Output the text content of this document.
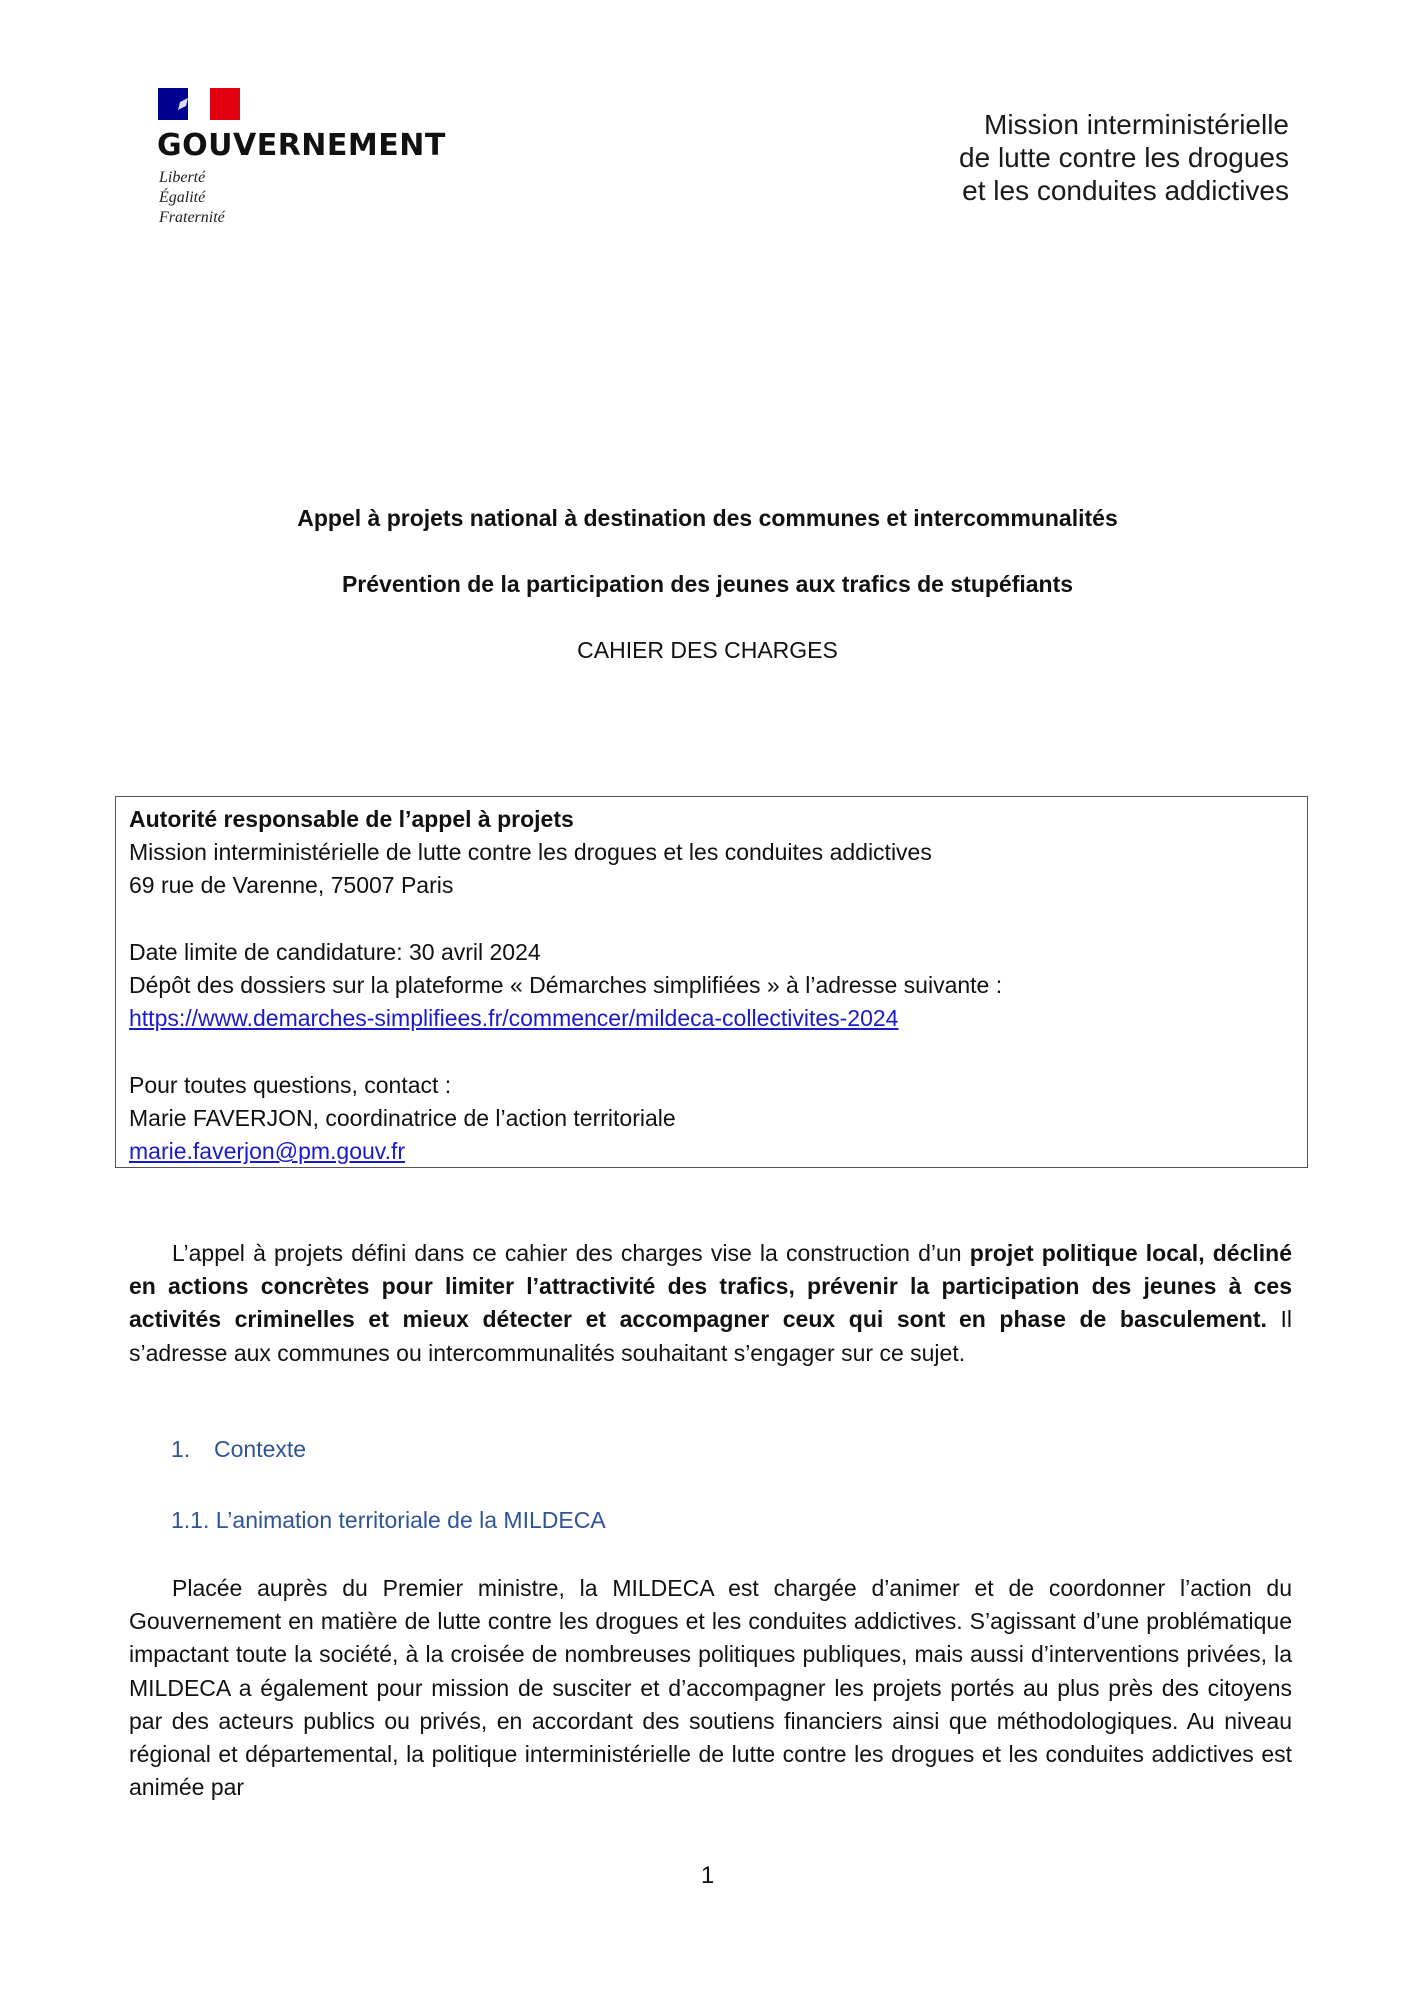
GOUVERNEMENT
Liberté
Égalité
Fraternité
Mission interministérielle
de lutte contre les drogues
et les conduites addictives
Appel à projets national à destination des communes et intercommunalités
Prévention de la participation des jeunes aux trafics de stupéfiants
CAHIER DES CHARGES
Autorité responsable de l’appel à projets
Mission interministérielle de lutte contre les drogues et les conduites addictives
69 rue de Varenne, 75007 Paris
Date limite de candidature: 30 avril 2024
Dépôt des dossiers sur la plateforme « Démarches simplifiées » à l’adresse suivante :
https://www.demarches-simplifiees.fr/commencer/mildeca-collectivites-2024
Pour toutes questions, contact :
Marie FAVERJON, coordinatrice de l’action territoriale
marie.faverjon@pm.gouv.fr
L’appel à projets défini dans ce cahier des charges vise la construction d’un projet politique local, décliné en actions concrètes pour limiter l’attractivité des trafics, prévenir la participation des jeunes à ces activités criminelles et mieux détecter et accompagner ceux qui sont en phase de basculement. Il s’adresse aux communes ou intercommunalités souhaitant s’engager sur ce sujet.
1. Contexte
1.1. L’animation territoriale de la MILDECA
Placée auprès du Premier ministre, la MILDECA est chargée d’animer et de coordonner l’action du Gouvernement en matière de lutte contre les drogues et les conduites addictives. S’agissant d’une problématique impactant toute la société, à la croisée de nombreuses politiques publiques, mais aussi d’interventions privées, la MILDECA a également pour mission de susciter et d’accompagner les projets portés au plus près des citoyens par des acteurs publics ou privés, en accordant des soutiens financiers ainsi que méthodologiques. Au niveau régional et départemental, la politique interministérielle de lutte contre les drogues et les conduites addictives est animée par
1
